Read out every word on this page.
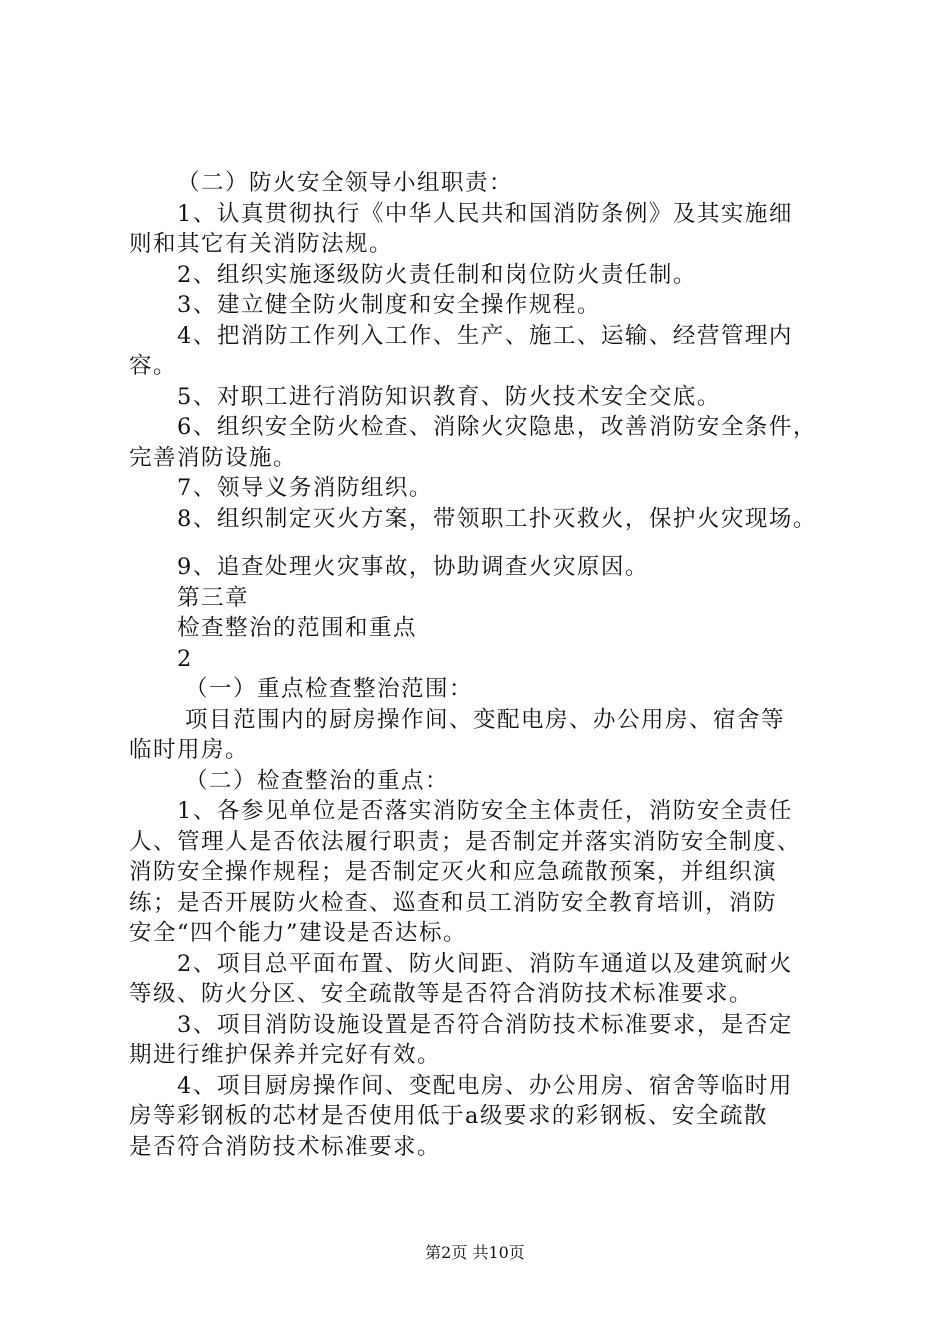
（二）防火安全领导小组职责：
1、认真贯彻执行《中华人民共和国消防条例》及其实施细
则和其它有关消防法规。
2、组织实施逐级防火责任制和岗位防火责任制。
3、建立健全防火制度和安全操作规程。
4、把消防工作列入工作、生产、施工、运输、经营管理内
容。
5、对职工进行消防知识教育、防火技术安全交底。
6、组织安全防火检查、消除火灾隐患，改善消防安全条件，
完善消防设施。
7、领导义务消防组织。
8、组织制定灭火方案，带领职工扑灭救火，保护火灾现场。
9、追查处理火灾事故，协助调查火灾原因。
第三章
检查整治的范围和重点
2
（一）重点检查整治范围：
项目范围内的厨房操作间、变配电房、办公用房、宿舍等
临时用房。
（二）检查整治的重点：
1、各参见单位是否落实消防安全主体责任，消防安全责任
人、管理人是否依法履行职责；是否制定并落实消防安全制度、
消防安全操作规程；是否制定灭火和应急疏散预案，并组织演
练；是否开展防火检查、巡查和员工消防安全教育培训，消防
安全“四个能力”建设是否达标。
2、项目总平面布置、防火间距、消防车通道以及建筑耐火
等级、防火分区、安全疏散等是否符合消防技术标准要求。
3、项目消防设施设置是否符合消防技术标准要求，是否定
期进行维护保养并完好有效。
4、项目厨房操作间、变配电房、办公用房、宿舍等临时用
房等彩钢板的芯材是否使用低于a级要求的彩钢板、安全疏散
是否符合消防技术标准要求。
第2页 共10页
